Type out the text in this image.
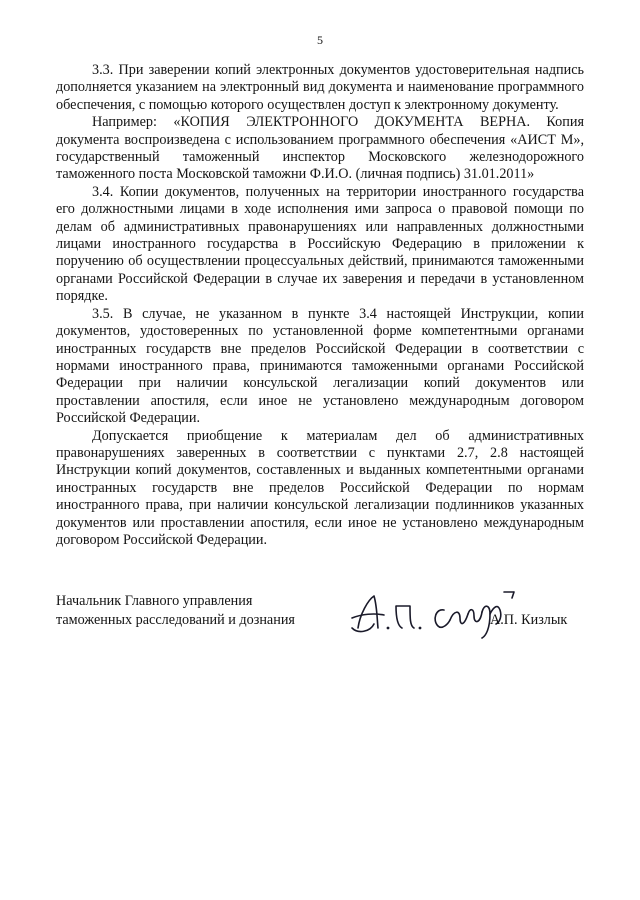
5

3.3. При заверении копий электронных документов удостоверительная надпись дополняется указанием на электронный вид документа и наименование программного обеспечения, с помощью которого осуществлен доступ к электронному документу.

Например: «КОПИЯ ЭЛЕКТРОННОГО ДОКУМЕНТА ВЕРНА. Копия документа воспроизведена с использованием программного обеспечения «АИСТ М», государственный таможенный инспектор Московского железнодорожного таможенного поста Московской таможни Ф.И.О. (личная подпись) 31.01.2011»

3.4. Копии документов, полученных на территории иностранного государства его должностными лицами в ходе исполнения ими запроса о правовой помощи по делам об административных правонарушениях или направленных должностными лицами иностранного государства в Российскую Федерацию в приложении к поручению об осуществлении процессуальных действий, принимаются таможенными органами Российской Федерации в случае их заверения и передачи в установленном порядке.

3.5. В случае, не указанном в пункте 3.4 настоящей Инструкции, копии документов, удостоверенных по установленной форме компетентными органами иностранных государств вне пределов Российской Федерации в соответствии с нормами иностранного права, принимаются таможенными органами Российской Федерации при наличии консульской легализации копий документов или проставлении апостиля, если иное не установлено международным договором Российской Федерации.

Допускается приобщение к материалам дел об административных правонарушениях заверенных в соответствии с пунктами 2.7, 2.8 настоящей Инструкции копий документов, составленных и выданных компетентными органами иностранных государств вне пределов Российской Федерации по нормам иностранного права, при наличии консульской легализации подлинников указанных документов или проставлении апостиля, если иное не установлено международным договором Российской Федерации.

Начальник Главного управления
таможенных расследований и дознания	А.П. Кизлык
